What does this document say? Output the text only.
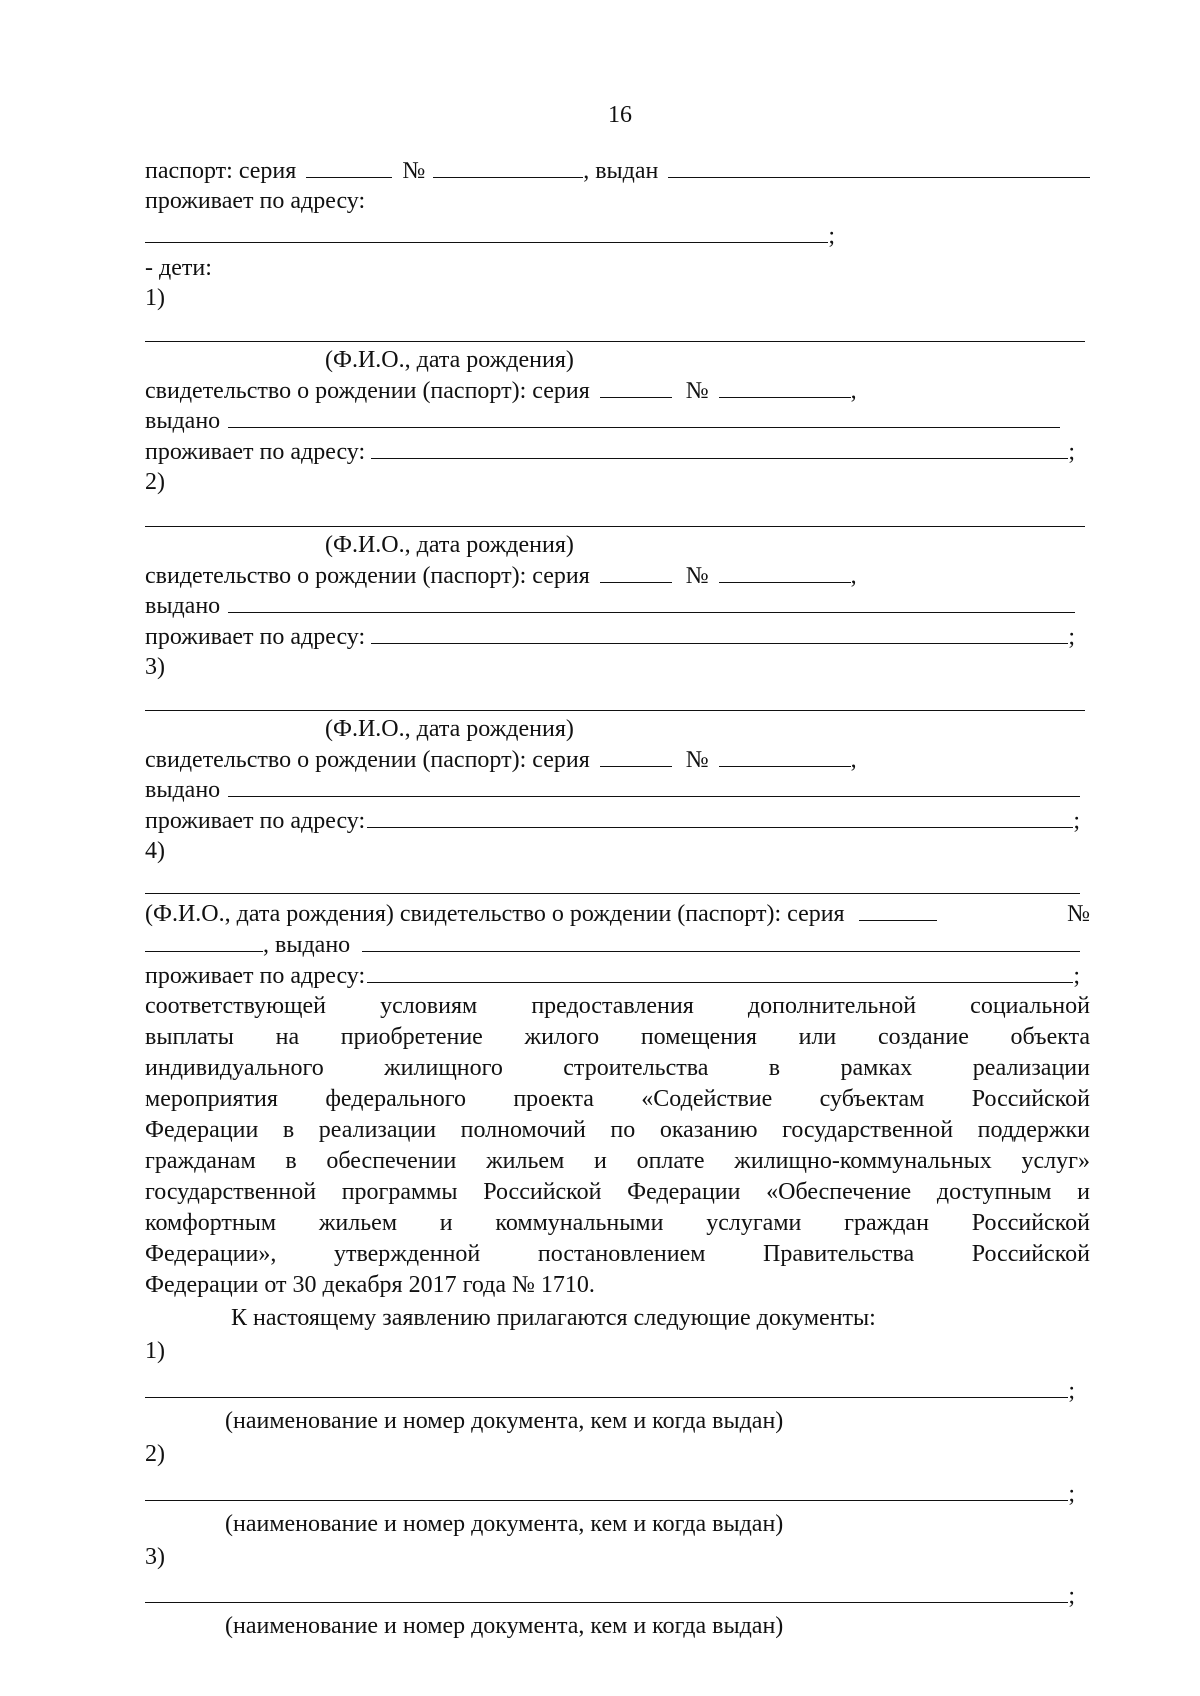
16
паспорт: серия	№	, выдан
проживает по адресу:
;
- дети:
1)
(Ф.И.О., дата рождения)
свидетельство о рождении (паспорт): серия	№	,
выдано
проживает по адресу:	;
2)
(Ф.И.О., дата рождения)
свидетельство о рождении (паспорт): серия	№	,
выдано
проживает по адресу:	;
3)
(Ф.И.О., дата рождения)
свидетельство о рождении (паспорт): серия	№	,
выдано
проживает по адресу:	;
4)
(Ф.И.О., дата рождения) свидетельство о рождении (паспорт): серия	№
, выдано
проживает по адресу:	;
соответствующей условиям предоставления дополнительной социальной
выплаты на приобретение жилого помещения или создание объекта
индивидуального жилищного строительства в рамках реализации
мероприятия федерального проекта «Содействие субъектам Российской
Федерации в реализации полномочий по оказанию государственной поддержки
гражданам в обеспечении жильем и оплате жилищно-коммунальных услуг»
государственной программы Российской Федерации «Обеспечение доступным и
комфортным жильем и коммунальными услугами граждан Российской
Федерации», утвержденной постановлением Правительства Российской
Федерации от 30 декабря 2017 года № 1710.
К настоящему заявлению прилагаются следующие документы:
1)
;
(наименование и номер документа, кем и когда выдан)
2)
;
(наименование и номер документа, кем и когда выдан)
3)
;
(наименование и номер документа, кем и когда выдан)
